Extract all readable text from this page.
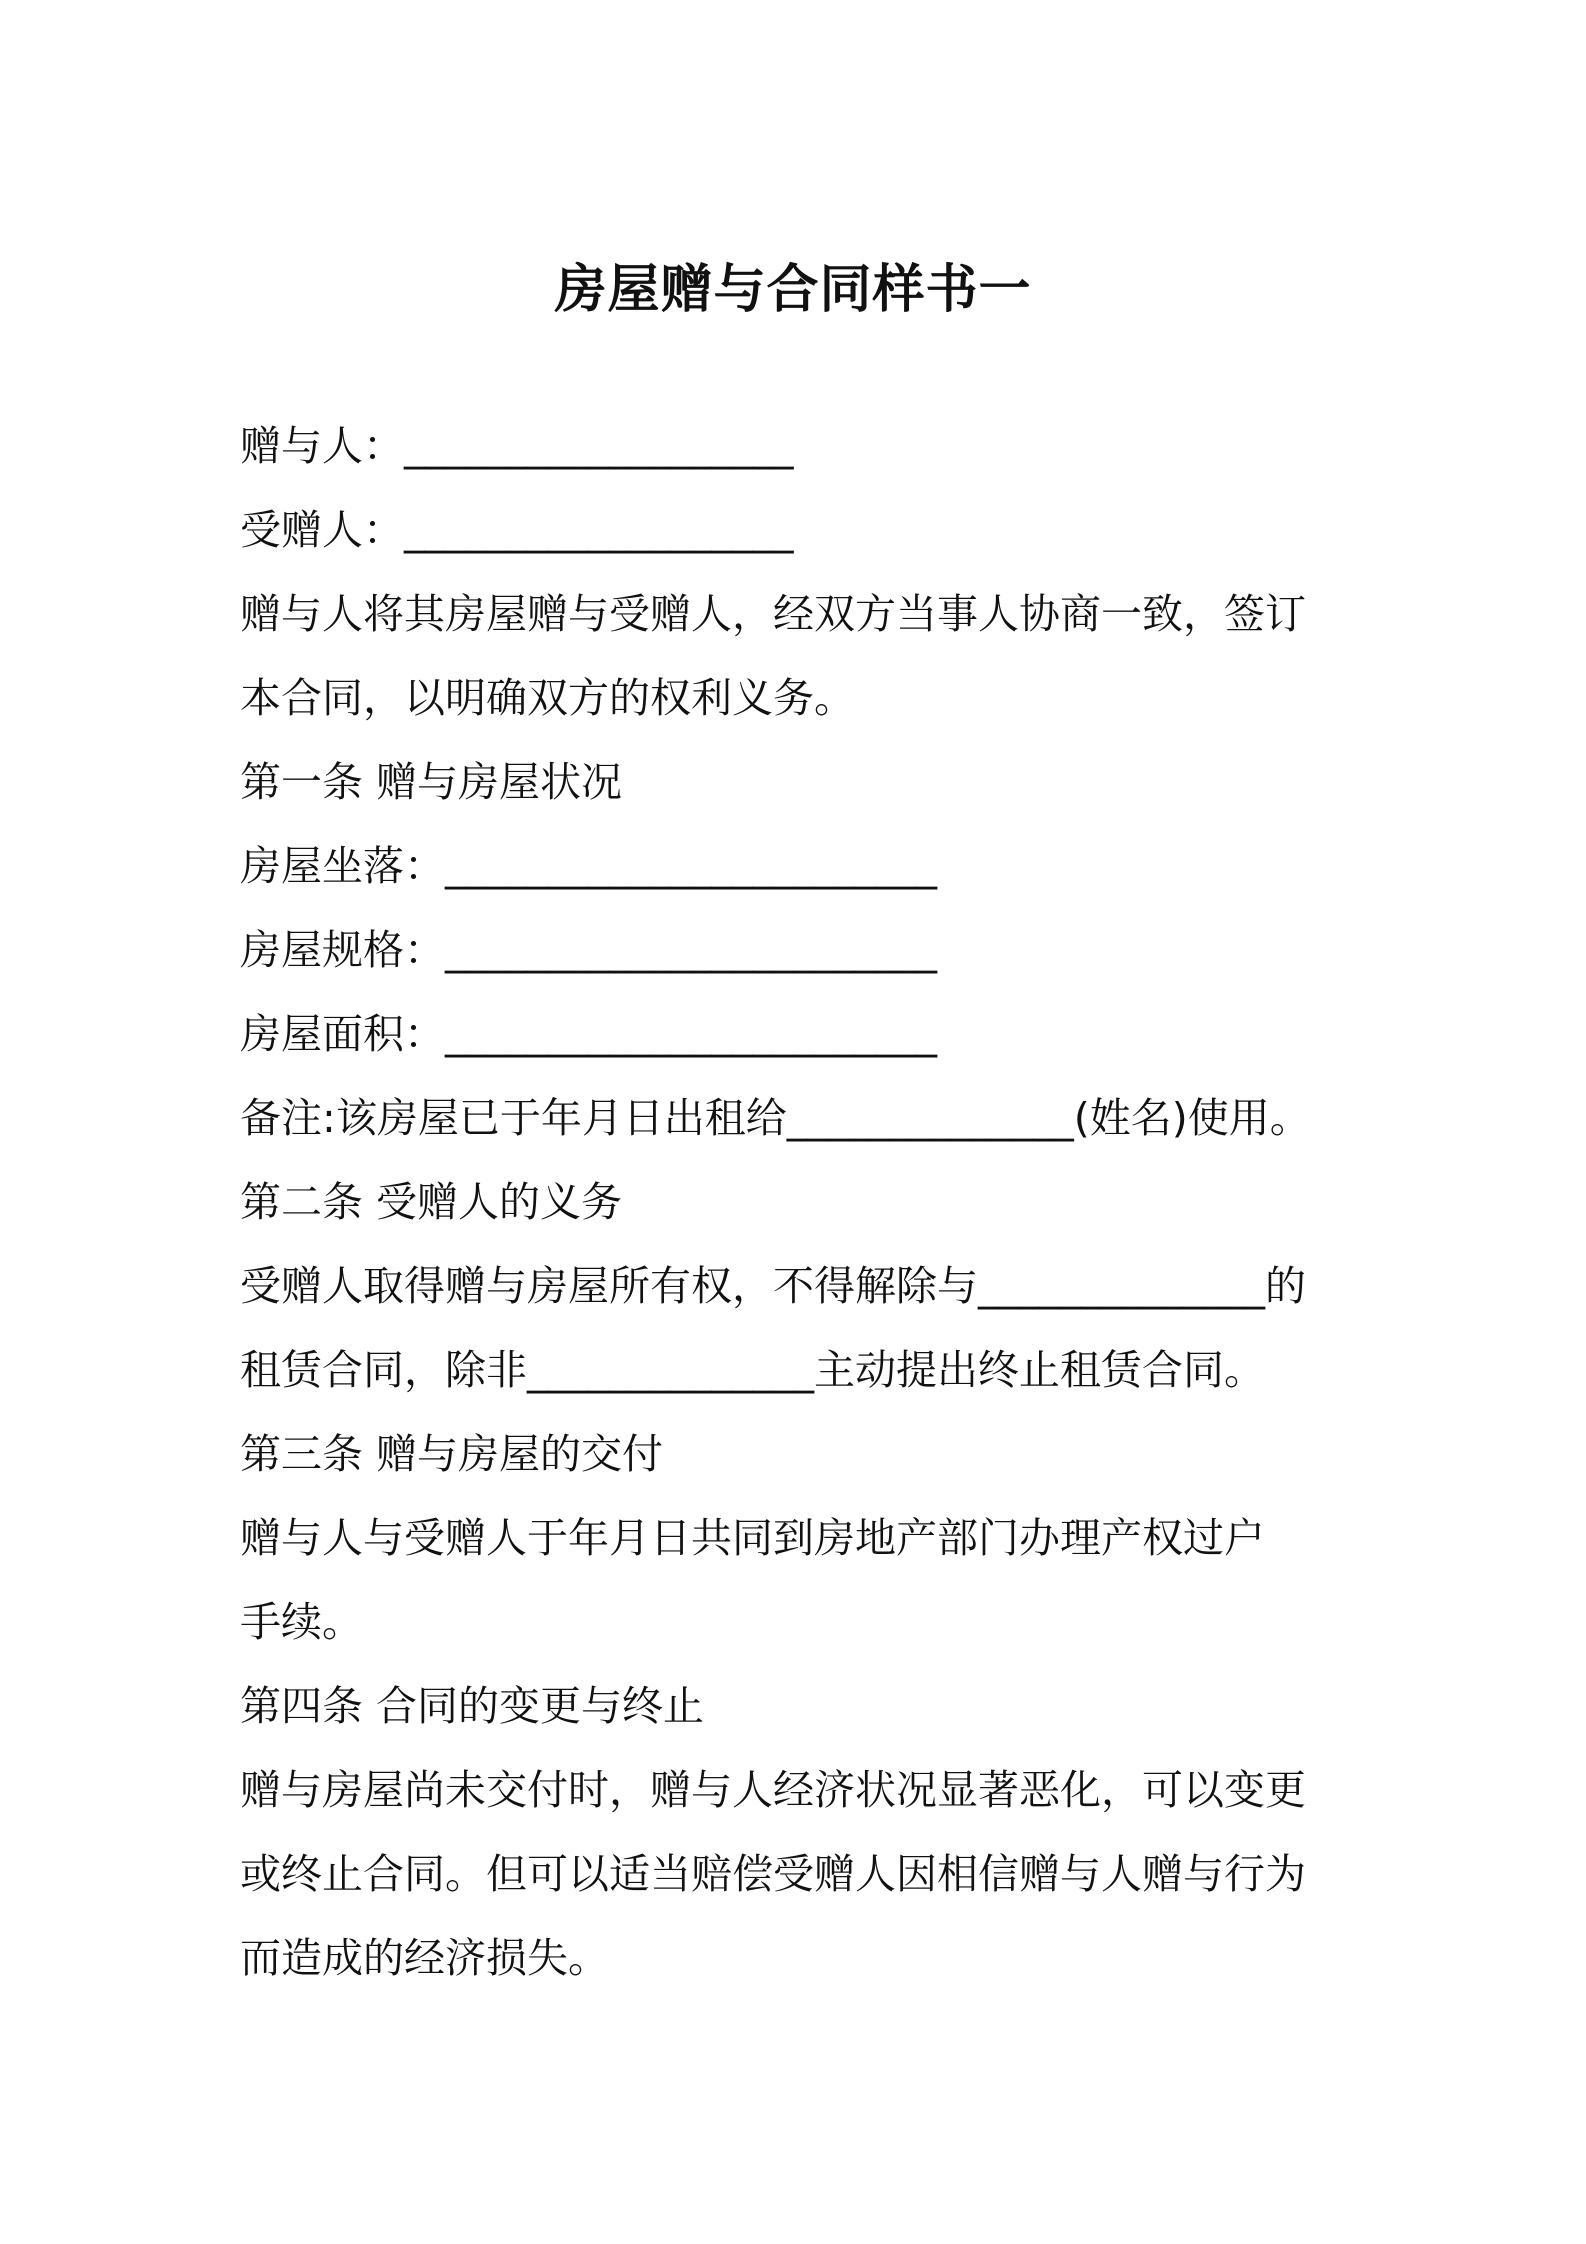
房屋赠与合同样书一
赠与人：___________________
受赠人：___________________
赠与人将其房屋赠与受赠人，经双方当事人协商一致，签订
本合同，以明确双方的权利义务。
第一条 赠与房屋状况
房屋坐落：________________________
房屋规格：________________________
房屋面积：________________________
备注:该房屋已于年月日出租给______________(姓名)使用。
第二条 受赠人的义务
受赠人取得赠与房屋所有权，不得解除与______________的
租赁合同，除非______________主动提出终止租赁合同。
第三条 赠与房屋的交付
赠与人与受赠人于年月日共同到房地产部门办理产权过户
手续。
第四条 合同的变更与终止
赠与房屋尚未交付时，赠与人经济状况显著恶化，可以变更
或终止合同。但可以适当赔偿受赠人因相信赠与人赠与行为
而造成的经济损失。
